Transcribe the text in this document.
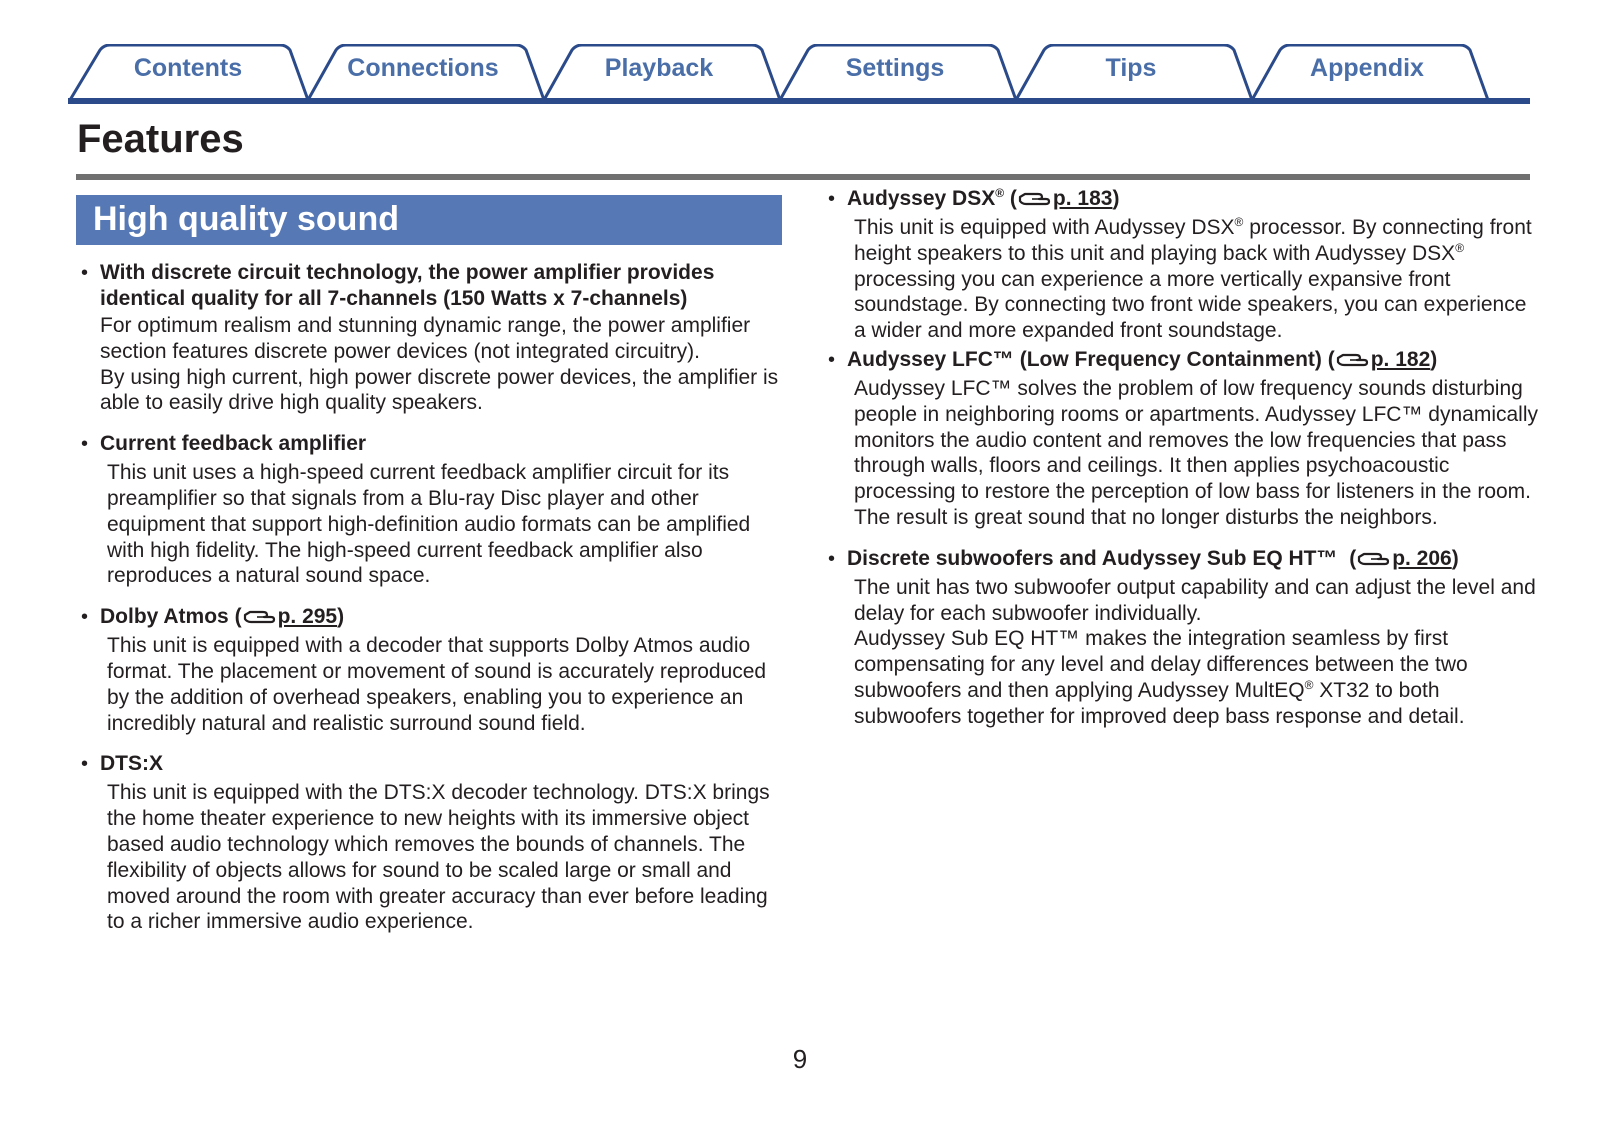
Contents	Connections	Playback	Settings	Tips	Appendix
Features
High quality sound
• With discrete circuit technology, the power amplifier provides identical quality for all 7-channels (150 Watts x 7-channels)
For optimum realism and stunning dynamic range, the power amplifier section features discrete power devices (not integrated circuitry).
By using high current, high power discrete power devices, the amplifier is able to easily drive high quality speakers.
• Current feedback amplifier
This unit uses a high-speed current feedback amplifier circuit for its preamplifier so that signals from a Blu-ray Disc player and other equipment that support high-definition audio formats can be amplified with high fidelity. The high-speed current feedback amplifier also reproduces a natural sound space.
• Dolby Atmos ( p. 295)
This unit is equipped with a decoder that supports Dolby Atmos audio format. The placement or movement of sound is accurately reproduced by the addition of overhead speakers, enabling you to experience an incredibly natural and realistic surround sound field.
• DTS:X
This unit is equipped with the DTS:X decoder technology. DTS:X brings the home theater experience to new heights with its immersive object based audio technology which removes the bounds of channels. The flexibility of objects allows for sound to be scaled large or small and moved around the room with greater accuracy than ever before leading to a richer immersive audio experience.
• Audyssey DSX® ( p. 183)
This unit is equipped with Audyssey DSX® processor. By connecting front height speakers to this unit and playing back with Audyssey DSX® processing you can experience a more vertically expansive front soundstage. By connecting two front wide speakers, you can experience a wider and more expanded front soundstage.
• Audyssey LFC™ (Low Frequency Containment) ( p. 182)
Audyssey LFC™ solves the problem of low frequency sounds disturbing people in neighboring rooms or apartments. Audyssey LFC™ dynamically monitors the audio content and removes the low frequencies that pass through walls, floors and ceilings. It then applies psychoacoustic processing to restore the perception of low bass for listeners in the room. The result is great sound that no longer disturbs the neighbors.
• Discrete subwoofers and Audyssey Sub EQ HT™ ( p. 206)
The unit has two subwoofer output capability and can adjust the level and delay for each subwoofer individually.
Audyssey Sub EQ HT™ makes the integration seamless by first compensating for any level and delay differences between the two subwoofers and then applying Audyssey MultEQ® XT32 to both subwoofers together for improved deep bass response and detail.
9
